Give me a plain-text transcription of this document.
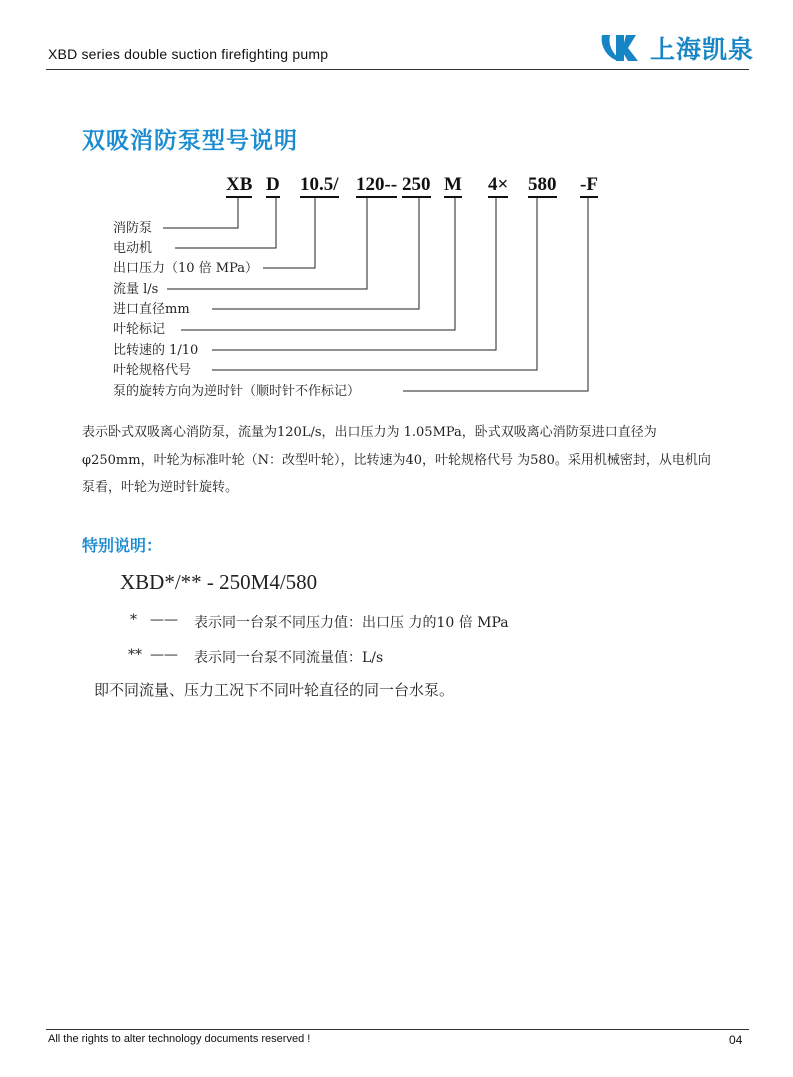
XBD series double suction firefighting pump	上海凯泉
双吸消防泵型号说明
XB D 10.5/ 120-- 250 M 4× 580 -F
消防泵
电动机
出口压力（10 倍 MPa）
流量 l/s
进口直径mm
叶轮标记
比转速的 1/10
叶轮规格代号
泵的旋转方向为逆时针（顺时针不作标记）
表示卧式双吸离心消防泵，流量为120L/s，出口压力为 1.05MPa，卧式双吸离心消防泵进口直径为 φ250mm，叶轮为标准叶轮（N：改型叶轮），比转速为40，叶轮规格代号 为580。采用机械密封，从电机向泵看，叶轮为逆时针旋转。
特别说明：
XBD*/** - 250M4/580
* —— 表示同一台泵不同压力值：出口压 力的10 倍 MPa
** —— 表示同一台泵不同流量值：L/s
即不同流量、压力工况下不同叶轮直径的同一台水泵。
All the rights to alter technology documents reserved !	04
